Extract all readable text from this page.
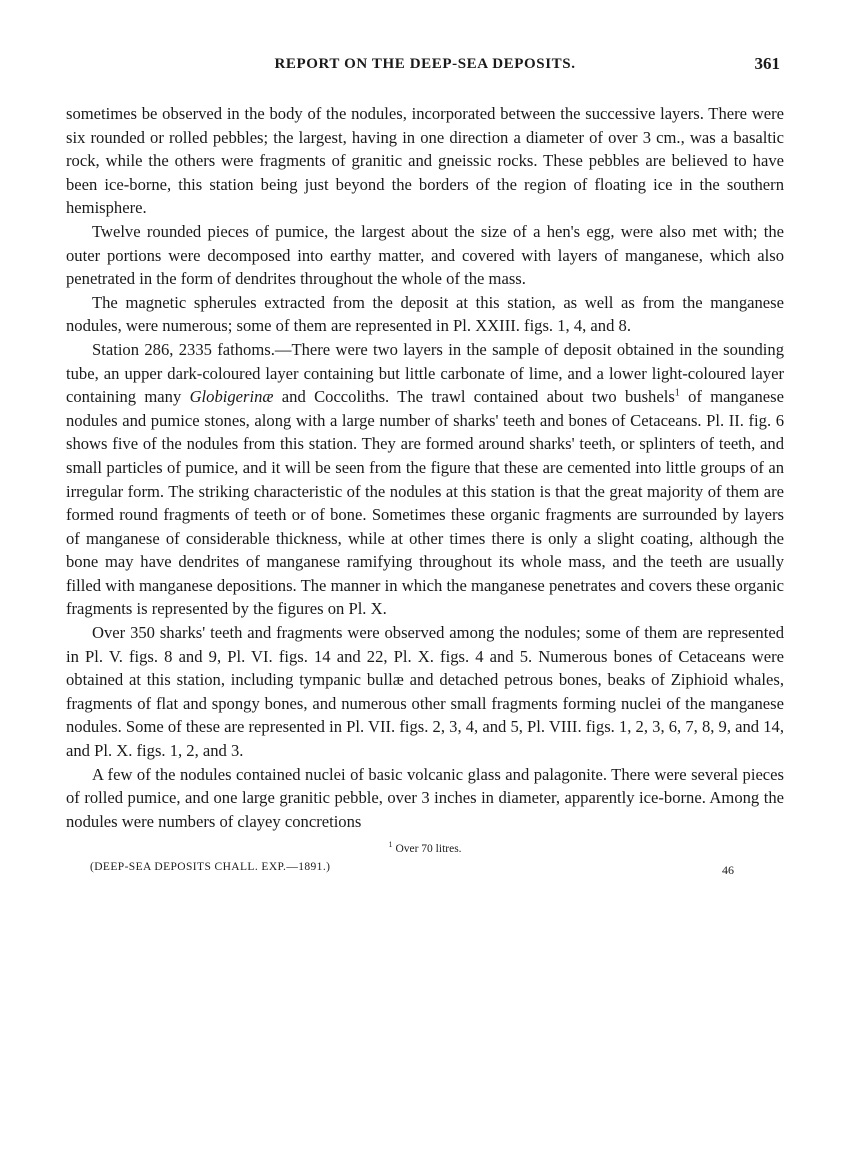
REPORT ON THE DEEP-SEA DEPOSITS.	361

sometimes be observed in the body of the nodules, incorporated between the successive layers. There were six rounded or rolled pebbles; the largest, having in one direction a diameter of over 3 cm., was a basaltic rock, while the others were fragments of granitic and gneissic rocks. These pebbles are believed to have been ice-borne, this station being just beyond the borders of the region of floating ice in the southern hemisphere.

Twelve rounded pieces of pumice, the largest about the size of a hen's egg, were also met with; the outer portions were decomposed into earthy matter, and covered with layers of manganese, which also penetrated in the form of dendrites throughout the whole of the mass.

The magnetic spherules extracted from the deposit at this station, as well as from the manganese nodules, were numerous; some of them are represented in Pl. XXIII. figs. 1, 4, and 8.

Station 286, 2335 fathoms.—There were two layers in the sample of deposit obtained in the sounding tube, an upper dark-coloured layer containing but little carbonate of lime, and a lower light-coloured layer containing many Globigerinæ and Coccoliths. The trawl contained about two bushels$^1$ of manganese nodules and pumice stones, along with a large number of sharks' teeth and bones of Cetaceans. Pl. II. fig. 6 shows five of the nodules from this station. They are formed around sharks' teeth, or splinters of teeth, and small particles of pumice, and it will be seen from the figure that these are cemented into little groups of an irregular form. The striking characteristic of the nodules at this station is that the great majority of them are formed round fragments of teeth or of bone. Sometimes these organic fragments are surrounded by layers of manganese of considerable thickness, while at other times there is only a slight coating, although the bone may have dendrites of manganese ramifying throughout its whole mass, and the teeth are usually filled with manganese depositions. The manner in which the manganese penetrates and covers these organic fragments is represented by the figures on Pl. X.

Over 350 sharks' teeth and fragments were observed among the nodules; some of them are represented in Pl. V. figs. 8 and 9, Pl. VI. figs. 14 and 22, Pl. X. figs. 4 and 5. Numerous bones of Cetaceans were obtained at this station, including tympanic bullæ and detached petrous bones, beaks of Ziphioid whales, fragments of flat and spongy bones, and numerous other small fragments forming nuclei of the manganese nodules. Some of these are represented in Pl. VII. figs. 2, 3, 4, and 5, Pl. VIII. figs. 1, 2, 3, 6, 7, 8, 9, and 14, and Pl. X. figs. 1, 2, and 3.

A few of the nodules contained nuclei of basic volcanic glass and palagonite. There were several pieces of rolled pumice, and one large granitic pebble, over 3 inches in diameter, apparently ice-borne. Among the nodules were numbers of clayey concretions

$^1$ Over 70 litres.
(DEEP-SEA DEPOSITS CHALL. EXP.—1891.)	46
